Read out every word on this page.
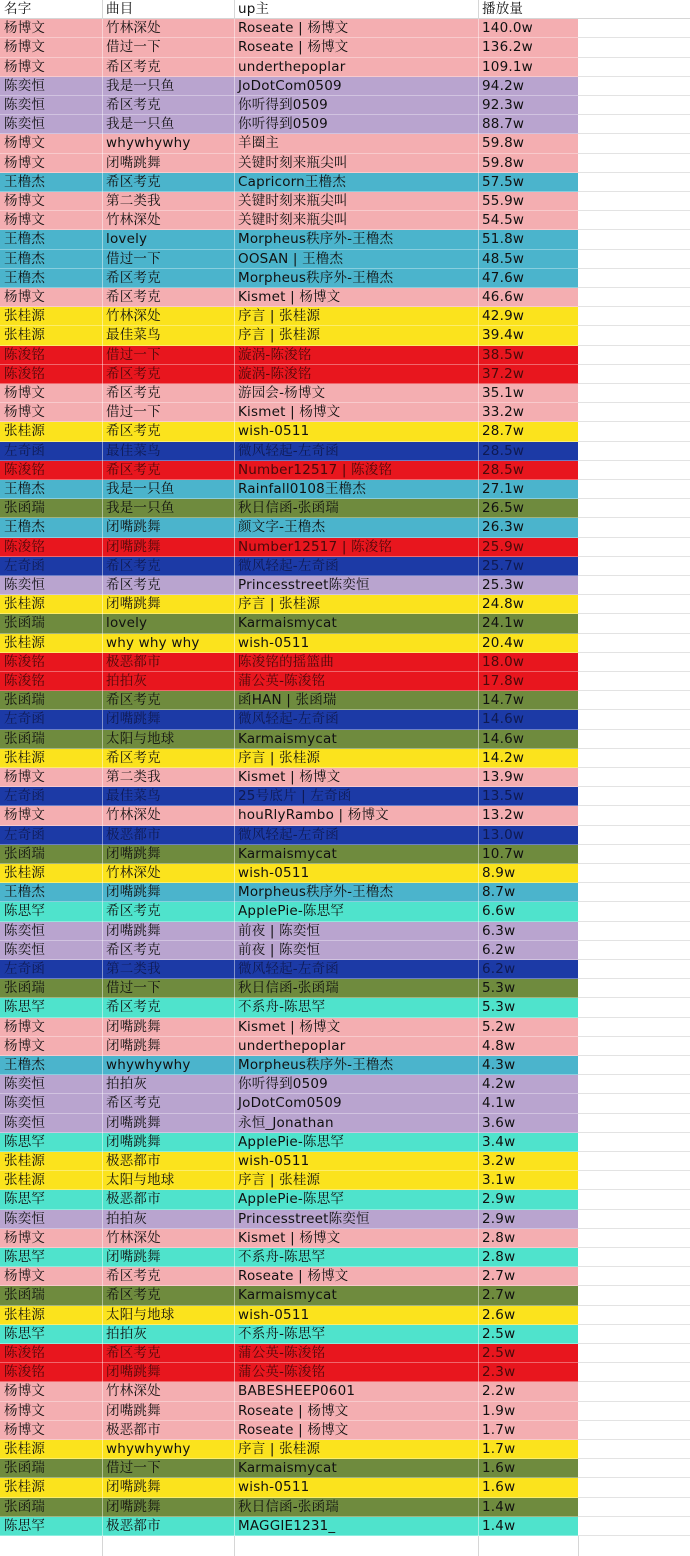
名字	曲目	up主	播放量
杨博文	竹林深处	Roseate | 杨博文	140.0w
杨博文	借过一下	Roseate | 杨博文	136.2w
杨博文	希区考克	underthepoplar	109.1w
陈奕恒	我是一只鱼	JoDotCom0509	94.2w
陈奕恒	希区考克	你听得到0509	92.3w
陈奕恒	我是一只鱼	你听得到0509	88.7w
杨博文	whywhywhy	羊圈主	59.8w
杨博文	闭嘴跳舞	关键时刻来瓶尖叫	59.8w
王橹杰	希区考克	Capricorn王橹杰	57.5w
杨博文	第二类我	关键时刻来瓶尖叫	55.9w
杨博文	竹林深处	关键时刻来瓶尖叫	54.5w
王橹杰	lovely	Morpheus秩序外-王橹杰	51.8w
王橹杰	借过一下	OOSAN | 王橹杰	48.5w
王橹杰	希区考克	Morpheus秩序外-王橹杰	47.6w
杨博文	希区考克	Kismet | 杨博文	46.6w
张桂源	竹林深处	序言 | 张桂源	42.9w
张桂源	最佳菜鸟	序言 | 张桂源	39.4w
陈浚铭	借过一下	漩涡-陈浚铭	38.5w
陈浚铭	希区考克	漩涡-陈浚铭	37.2w
杨博文	希区考克	游园会-杨博文	35.1w
杨博文	借过一下	Kismet | 杨博文	33.2w
张桂源	希区考克	wish-0511	28.7w
左奇函	最佳菜鸟	微风轻起-左奇函	28.5w
陈浚铭	希区考克	Number12517 | 陈浚铭	28.5w
王橹杰	我是一只鱼	Rainfall0108王橹杰	27.1w
张函瑞	我是一只鱼	秋日信函-张函瑞	26.5w
王橹杰	闭嘴跳舞	颜文字-王橹杰	26.3w
陈浚铭	闭嘴跳舞	Number12517 | 陈浚铭	25.9w
左奇函	希区考克	微风轻起-左奇函	25.7w
陈奕恒	希区考克	Princesstreet陈奕恒	25.3w
张桂源	闭嘴跳舞	序言 | 张桂源	24.8w
张函瑞	lovely	Karmaismycat	24.1w
张桂源	why why why	wish-0511	20.4w
陈浚铭	极恶都市	陈浚铭的摇篮曲	18.0w
陈浚铭	拍拍灰	蒲公英-陈浚铭	17.8w
张函瑞	希区考克	函HAN | 张函瑞	14.7w
左奇函	闭嘴跳舞	微风轻起-左奇函	14.6w
张函瑞	太阳与地球	Karmaismycat	14.6w
张桂源	希区考克	序言 | 张桂源	14.2w
杨博文	第二类我	Kismet | 杨博文	13.9w
左奇函	最佳菜鸟	25号底片 | 左奇函	13.5w
杨博文	竹林深处	houRlyRambo | 杨博文	13.2w
左奇函	极恶都市	微风轻起-左奇函	13.0w
张函瑞	闭嘴跳舞	Karmaismycat	10.7w
张桂源	竹林深处	wish-0511	8.9w
王橹杰	闭嘴跳舞	Morpheus秩序外-王橹杰	8.7w
陈思罕	希区考克	ApplePie-陈思罕	6.6w
陈奕恒	闭嘴跳舞	前夜 | 陈奕恒	6.3w
陈奕恒	希区考克	前夜 | 陈奕恒	6.2w
左奇函	第二类我	微风轻起-左奇函	6.2w
张函瑞	借过一下	秋日信函-张函瑞	5.3w
陈思罕	希区考克	不系舟-陈思罕	5.3w
杨博文	闭嘴跳舞	Kismet | 杨博文	5.2w
杨博文	闭嘴跳舞	underthepoplar	4.8w
王橹杰	whywhywhy	Morpheus秩序外-王橹杰	4.3w
陈奕恒	拍拍灰	你听得到0509	4.2w
陈奕恒	希区考克	JoDotCom0509	4.1w
陈奕恒	闭嘴跳舞	永恒_Jonathan	3.6w
陈思罕	闭嘴跳舞	ApplePie-陈思罕	3.4w
张桂源	极恶都市	wish-0511	3.2w
张桂源	太阳与地球	序言 | 张桂源	3.1w
陈思罕	极恶都市	ApplePie-陈思罕	2.9w
陈奕恒	拍拍灰	Princesstreet陈奕恒	2.9w
杨博文	竹林深处	Kismet | 杨博文	2.8w
陈思罕	闭嘴跳舞	不系舟-陈思罕	2.8w
杨博文	希区考克	Roseate | 杨博文	2.7w
张函瑞	希区考克	Karmaismycat	2.7w
张桂源	太阳与地球	wish-0511	2.6w
陈思罕	拍拍灰	不系舟-陈思罕	2.5w
陈浚铭	希区考克	蒲公英-陈浚铭	2.5w
陈浚铭	闭嘴跳舞	蒲公英-陈浚铭	2.3w
杨博文	竹林深处	BABESHEEP0601	2.2w
杨博文	闭嘴跳舞	Roseate | 杨博文	1.9w
杨博文	极恶都市	Roseate | 杨博文	1.7w
张桂源	whywhywhy	序言 | 张桂源	1.7w
张函瑞	借过一下	Karmaismycat	1.6w
张桂源	闭嘴跳舞	wish-0511	1.6w
张函瑞	闭嘴跳舞	秋日信函-张函瑞	1.4w
陈思罕	极恶都市	MAGGIE1231_	1.4w
